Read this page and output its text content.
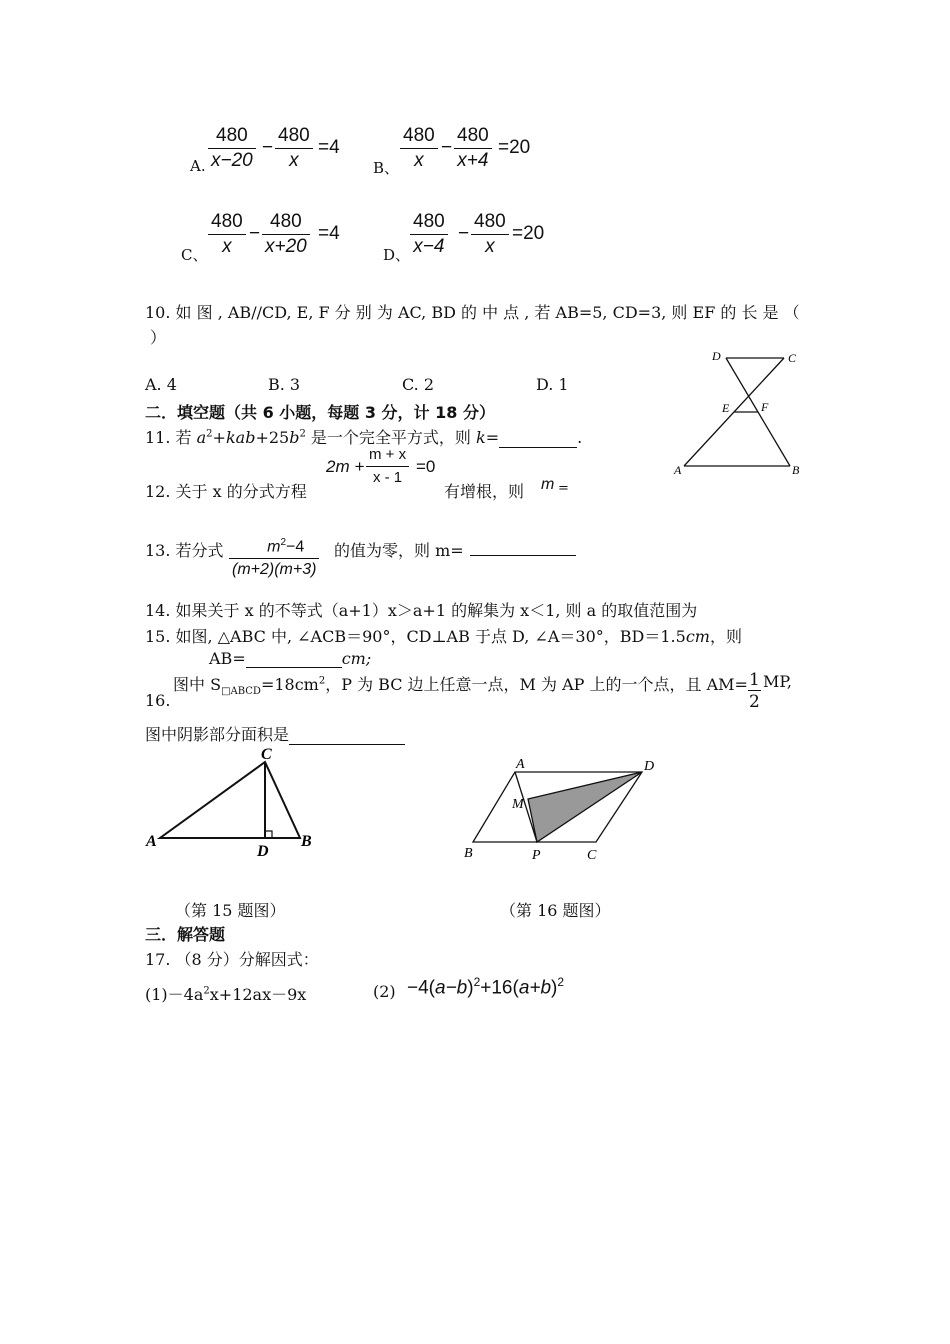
A. $\frac{480}{x-20} - \frac{480}{x} =4$
B、 $\frac{480}{x} - \frac{480}{x+4} =20$
C、 $\frac{480}{x} - \frac{480}{x+20} =4$
D、 $\frac{480}{x-4} - \frac{480}{x} =20$
10. 如 图 , AB//CD, E, F 分 别 为 AC, BD 的 中 点 , 若 AB=5, CD=3, 则 EF 的 长 是 （
）
A. 4	B. 3	C. 2	D. 1
D	C
E	F
A	B
二．填空题（共 6 小题，每题 3 分，计 18 分）
11. 若 $a^2+kab+25b^2$ 是一个完全平方式，则 k=	.
12. 关于 x 的分式方程
$2m + \frac{m + x}{x - 1} =0$
有增根，则 m =
13. 若分式 $\frac{m^2-4}{(m+2)(m+3)}$ 的值为零，则 m=
14. 如果关于 x 的不等式（a+1）x＞a+1 的解集为 x＜1, 则 a 的取值范围为
15. 如图, △ABC 中, ∠ACB＝90°，CD⊥AB 于点 D, ∠A＝30°，BD＝1.5cm，则
AB=	cm;
图中 $S_{□ABCD}=18cm^2$，P 为 BC 边上任意一点，M 为 AP 上的一个点，且 $AM= \frac{1}{2}$ MP,
16.
图中阴影部分面积是
C
A	B
D
A	D
M
B	P	C
（第 15 题图）	（第 16 题图）
三．解答题
17. （8 分）分解因式：
$(1)-4a^2x+12ax-9x$	$(2) -4(a-b)^2+16(a+b)^2$
